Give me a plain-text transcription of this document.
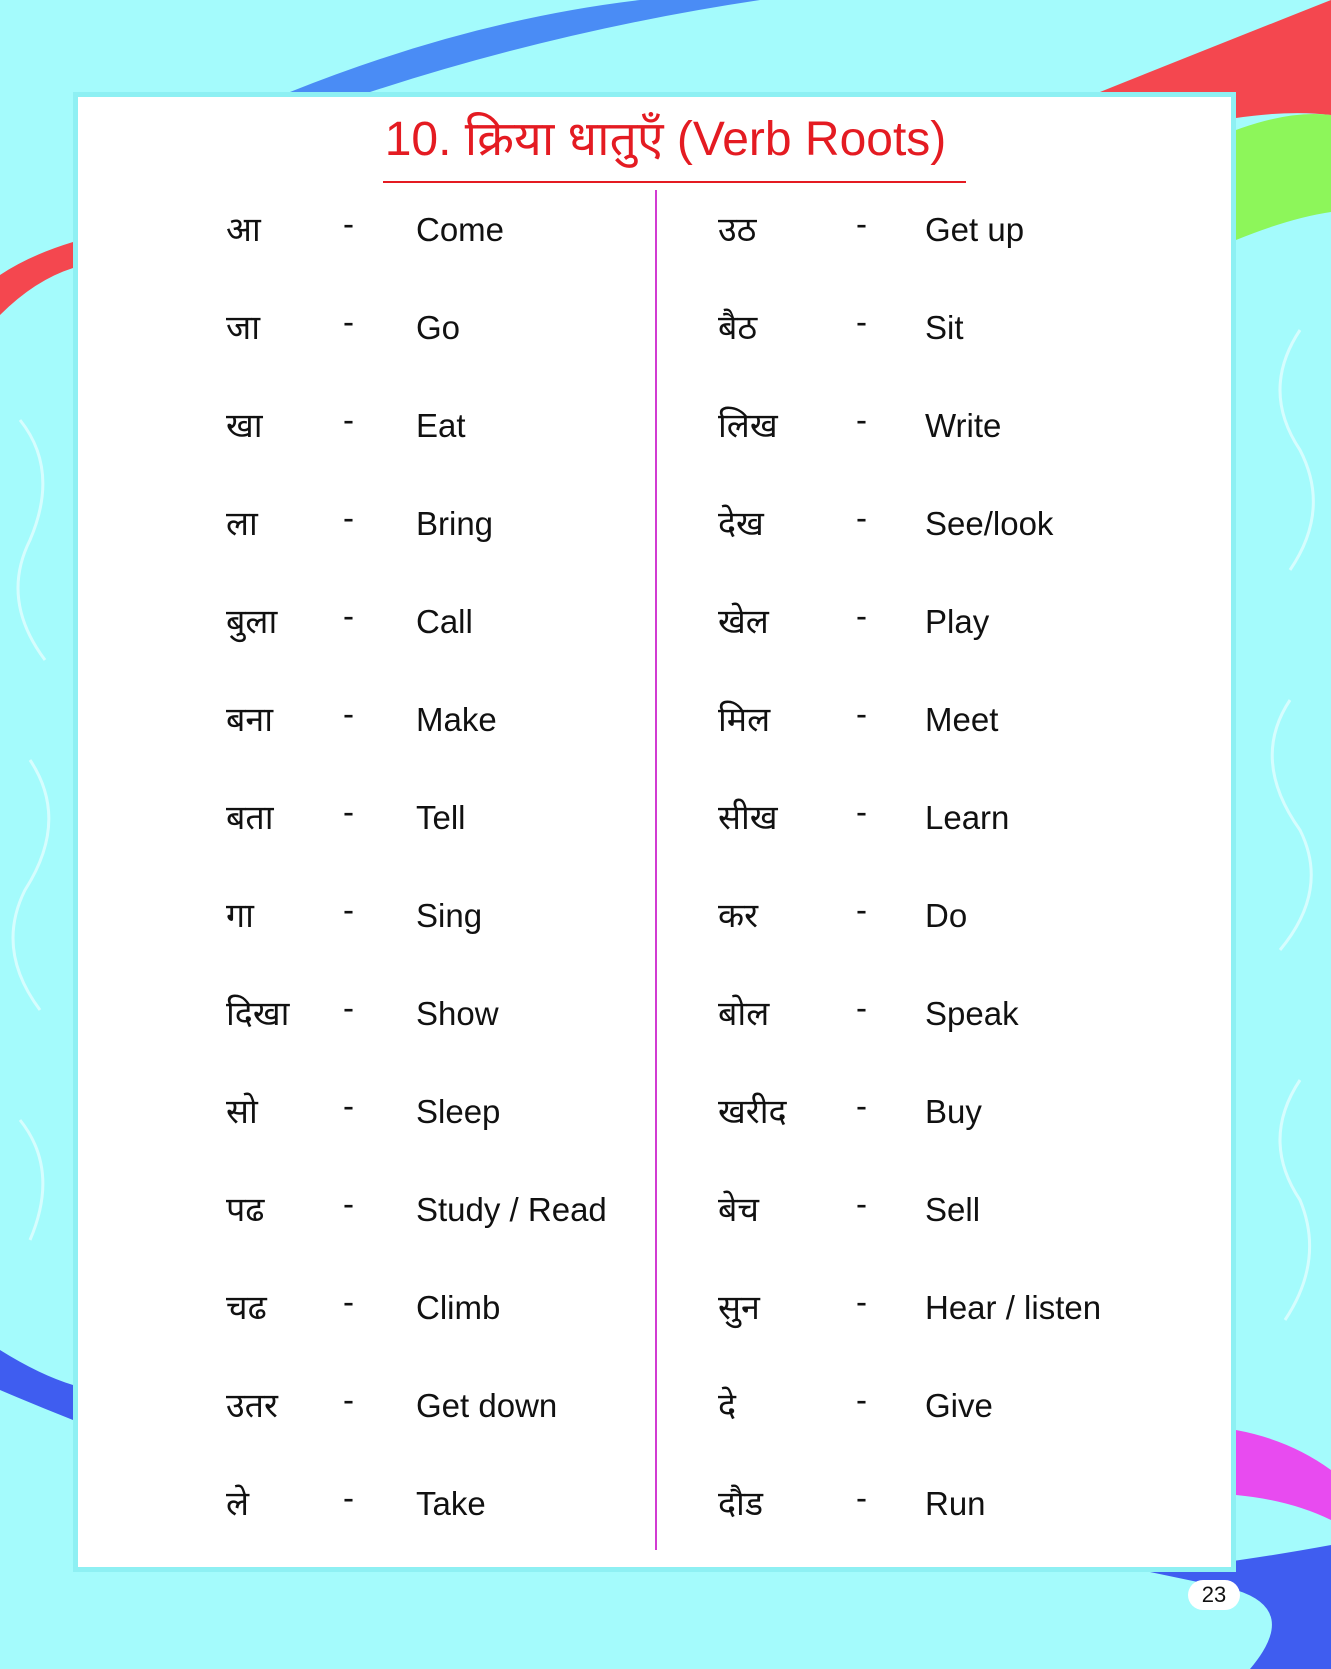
10. क्रिया धातुएँ (Verb Roots)
आ - Come
जा	- Go
खा - Eat
ला	- Bring
बुला - Call
बना - Make
बता - Tell
गा	- Sing
दिखा - Show
सो	- Sleep
पढ - Study / Read
चढ - Climb
उतर - Get down
ले	- Take
उठ	- Get up
बैठ	- Sit
लिख - Write
देख	- See/look
खेल	- Play
मिल	- Meet
सीख - Learn
कर	- Do
बोल	- Speak
खरीद - Buy
बेच	- Sell
सुन	- Hear / listen
दे	- Give
दौड	- Run
23
